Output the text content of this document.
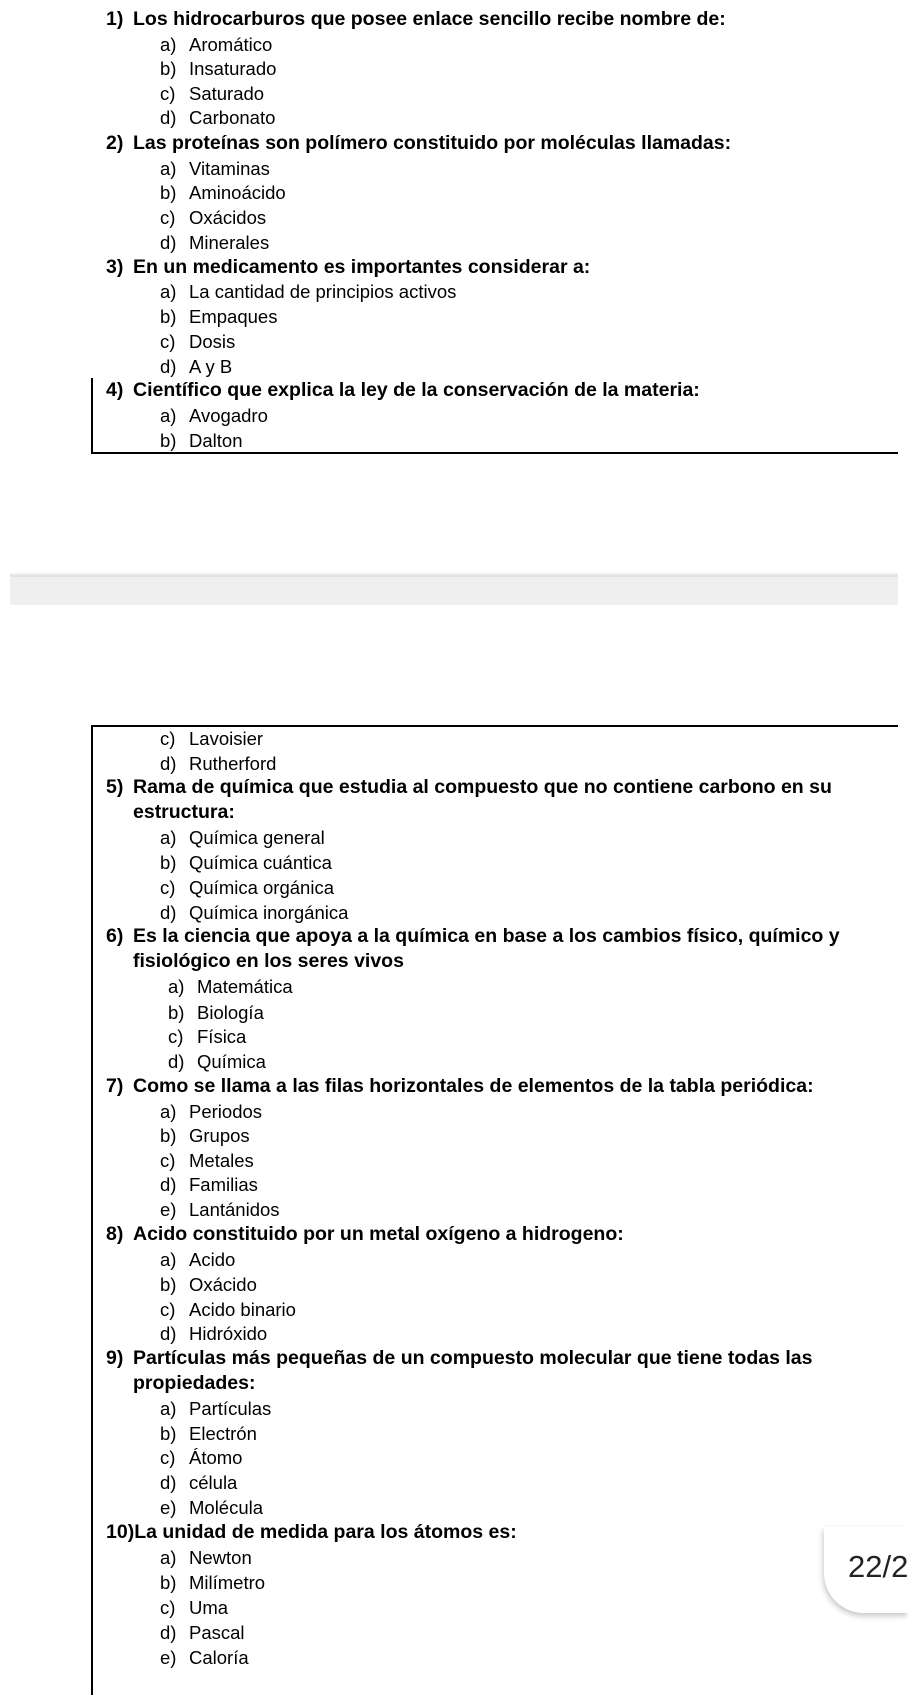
1) Los hidrocarburos que posee enlace sencillo recibe nombre de:
a) Aromático
b) Insaturado
c) Saturado
d) Carbonato
2) Las proteínas son polímero constituido por moléculas llamadas:
a) Vitaminas
b) Aminoácido
c) Oxácidos
d) Minerales
3) En un medicamento es importantes considerar a:
a) La cantidad de principios activos
b) Empaques
c) Dosis
d) A y B
4) Científico que explica la ley de la conservación de la materia:
a) Avogadro
b) Dalton
c) Lavoisier
d) Rutherford
5) Rama de química que estudia al compuesto que no contiene carbono en su
estructura:
a) Química general
b) Química cuántica
c) Química orgánica
d) Química inorgánica
6) Es la ciencia que apoya a la química en base a los cambios físico, químico y
fisiológico en los seres vivos
a) Matemática
b) Biología
c) Física
d) Química
7) Como se llama a las filas horizontales de elementos de la tabla periódica:
a) Periodos
b) Grupos
c) Metales
d) Familias
e) Lantánidos
8) Acido constituido por un metal oxígeno a hidrogeno:
a) Acido
b) Oxácido
c) Acido binario
d) Hidróxido
9) Partículas más pequeñas de un compuesto molecular que tiene todas las
propiedades:
a) Partículas
b) Electrón
c) Átomo
d) célula
e) Molécula
10)La unidad de medida para los átomos es:
a) Newton
b) Milímetro
c) Uma
d) Pascal
e) Caloría
22/2
